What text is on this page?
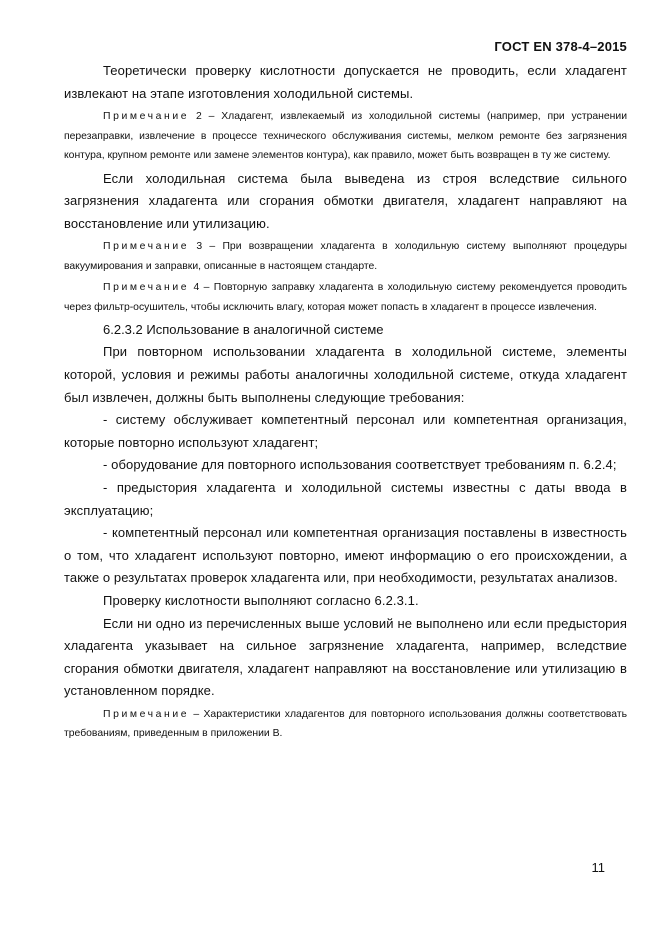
ГОСТ EN 378-4–2015

Теоретически проверку кислотности допускается не проводить, если хладагент извлекают на этапе изготовления холодильной системы.

Примечание 2 – Хладагент, извлекаемый из холодильной системы (например, при устранении перезаправки, извлечение в процессе технического обслуживания системы, мелком ремонте без загрязнения контура, крупном ремонте или замене элементов контура), как правило, может быть возвращен в ту же систему.

Если холодильная система была выведена из строя вследствие сильного загрязнения хладагента или сгорания обмотки двигателя, хладагент направляют на восстановление или утилизацию.

Примечание 3 – При возвращении хладагента в холодильную систему выполняют процедуры вакуумирования и заправки, описанные в настоящем стандарте.

Примечание 4 – Повторную заправку хладагента в холодильную систему рекомендуется проводить через фильтр-осушитель, чтобы исключить влагу, которая может попасть в хладагент в процессе извлечения.

6.2.3.2 Использование в аналогичной системе

При повторном использовании хладагента в холодильной системе, элементы которой, условия и режимы работы аналогичны холодильной системе, откуда хладагент был извлечен, должны быть выполнены следующие требования:

- систему обслуживает компетентный персонал или компетентная организация, которые повторно используют хладагент;

- оборудование для повторного использования соответствует требованиям п. 6.2.4;

- предыстория хладагента и холодильной системы известны с даты ввода в эксплуатацию;

- компетентный персонал или компетентная организация поставлены в известность о том, что хладагент используют повторно, имеют информацию о его происхождении, а также о результатах проверок хладагента или, при необходимости, результатах анализов.

Проверку кислотности выполняют согласно 6.2.3.1.

Если ни одно из перечисленных выше условий не выполнено или если предыстория хладагента указывает на сильное загрязнение хладагента, например, вследствие сгорания обмотки двигателя, хладагент направляют на восстановление или утилизацию в установленном порядке.

Примечание – Характеристики хладагентов для повторного использования должны соответствовать требованиям, приведенным в приложении В.

11
